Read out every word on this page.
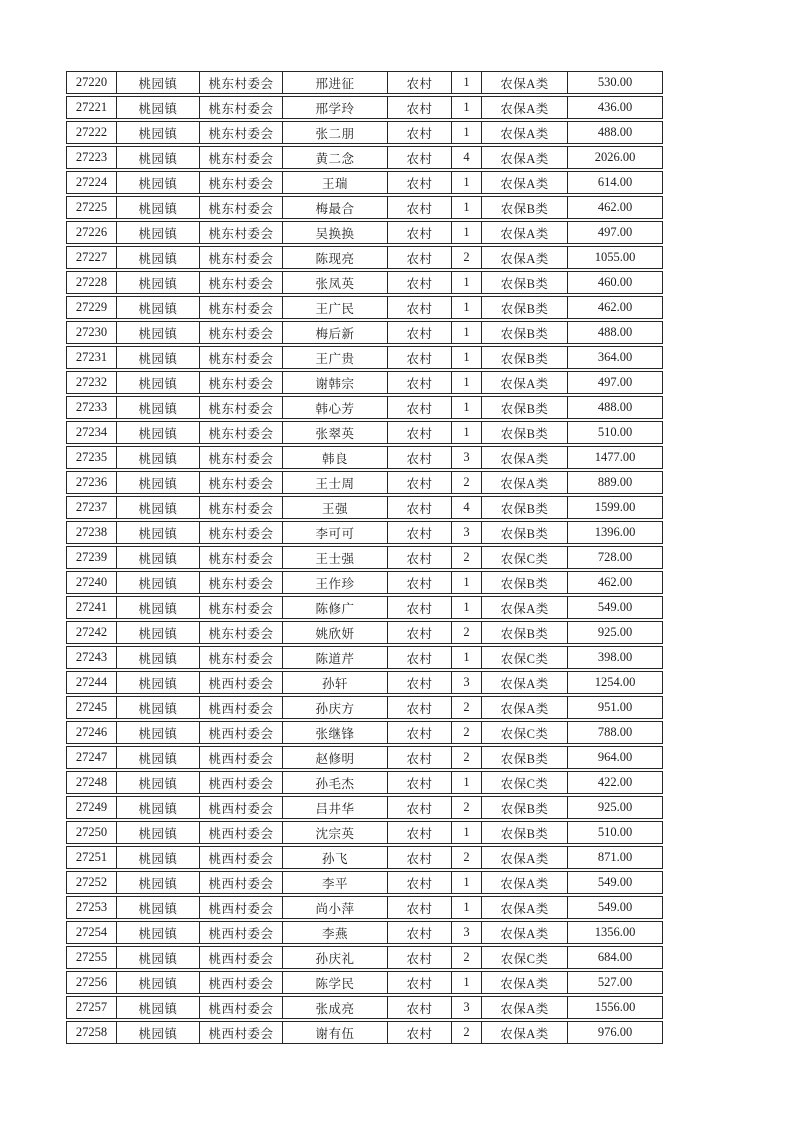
27220	桃园镇	桃东村委会	邢进征	农村	1	农保A类	530.00
27221	桃园镇	桃东村委会	邢学玲	农村	1	农保A类	436.00
27222	桃园镇	桃东村委会	张二朋	农村	1	农保A类	488.00
27223	桃园镇	桃东村委会	黄二念	农村	4	农保A类	2026.00
27224	桃园镇	桃东村委会	王瑞	农村	1	农保A类	614.00
27225	桃园镇	桃东村委会	梅最合	农村	1	农保B类	462.00
27226	桃园镇	桃东村委会	吴换换	农村	1	农保A类	497.00
27227	桃园镇	桃东村委会	陈现亮	农村	2	农保A类	1055.00
27228	桃园镇	桃东村委会	张凤英	农村	1	农保B类	460.00
27229	桃园镇	桃东村委会	王广民	农村	1	农保B类	462.00
27230	桃园镇	桃东村委会	梅后新	农村	1	农保B类	488.00
27231	桃园镇	桃东村委会	王广贵	农村	1	农保B类	364.00
27232	桃园镇	桃东村委会	谢韩宗	农村	1	农保A类	497.00
27233	桃园镇	桃东村委会	韩心芳	农村	1	农保B类	488.00
27234	桃园镇	桃东村委会	张翠英	农村	1	农保B类	510.00
27235	桃园镇	桃东村委会	韩良	农村	3	农保A类	1477.00
27236	桃园镇	桃东村委会	王士周	农村	2	农保A类	889.00
27237	桃园镇	桃东村委会	王强	农村	4	农保B类	1599.00
27238	桃园镇	桃东村委会	李可可	农村	3	农保B类	1396.00
27239	桃园镇	桃东村委会	王士强	农村	2	农保C类	728.00
27240	桃园镇	桃东村委会	王作珍	农村	1	农保B类	462.00
27241	桃园镇	桃东村委会	陈修广	农村	1	农保A类	549.00
27242	桃园镇	桃东村委会	姚欣妍	农村	2	农保B类	925.00
27243	桃园镇	桃东村委会	陈道芹	农村	1	农保C类	398.00
27244	桃园镇	桃西村委会	孙轩	农村	3	农保A类	1254.00
27245	桃园镇	桃西村委会	孙庆方	农村	2	农保A类	951.00
27246	桃园镇	桃西村委会	张继锋	农村	2	农保C类	788.00
27247	桃园镇	桃西村委会	赵修明	农村	2	农保B类	964.00
27248	桃园镇	桃西村委会	孙毛杰	农村	1	农保C类	422.00
27249	桃园镇	桃西村委会	吕井华	农村	2	农保B类	925.00
27250	桃园镇	桃西村委会	沈宗英	农村	1	农保B类	510.00
27251	桃园镇	桃西村委会	孙飞	农村	2	农保A类	871.00
27252	桃园镇	桃西村委会	李平	农村	1	农保A类	549.00
27253	桃园镇	桃西村委会	尚小萍	农村	1	农保A类	549.00
27254	桃园镇	桃西村委会	李燕	农村	3	农保A类	1356.00
27255	桃园镇	桃西村委会	孙庆礼	农村	2	农保C类	684.00
27256	桃园镇	桃西村委会	陈学民	农村	1	农保A类	527.00
27257	桃园镇	桃西村委会	张成亮	农村	3	农保A类	1556.00
27258	桃园镇	桃西村委会	谢有伍	农村	2	农保A类	976.00
